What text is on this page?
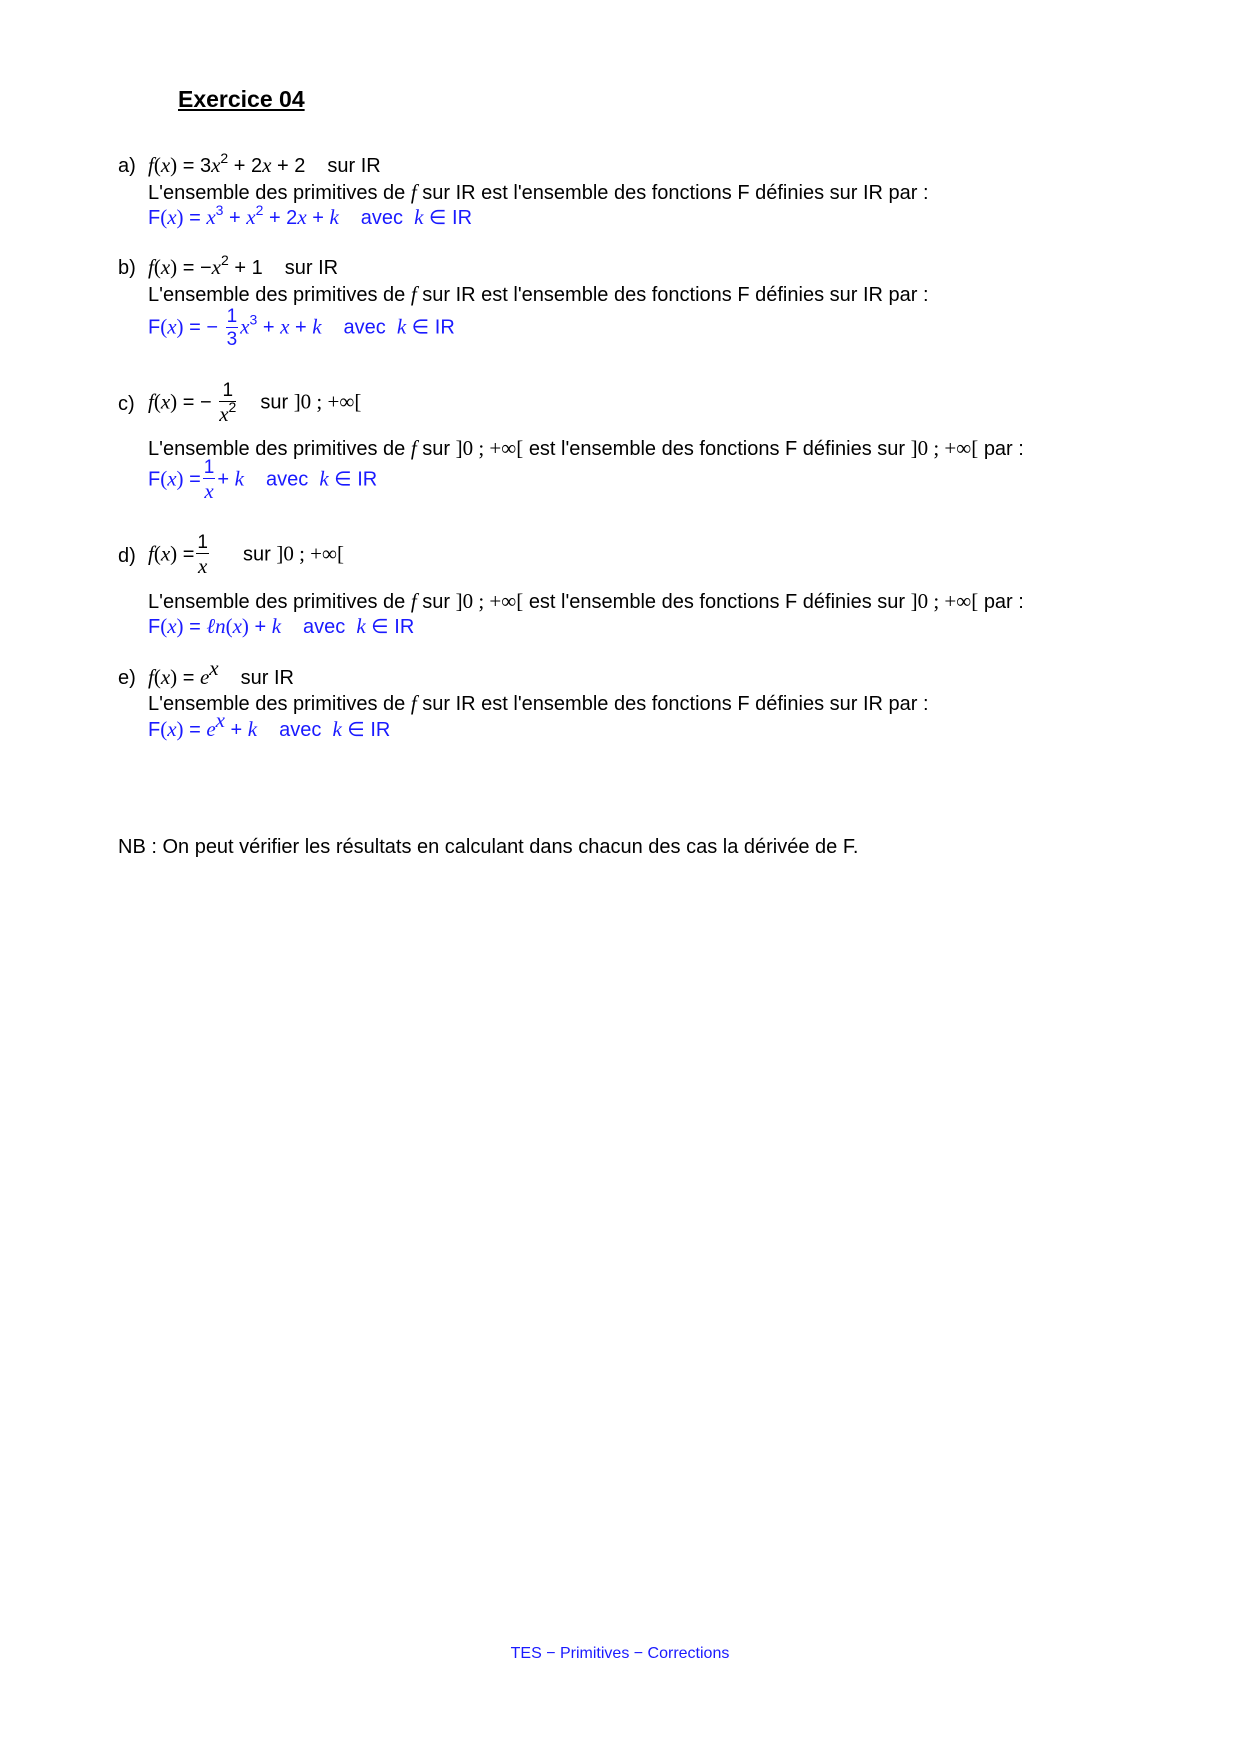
Exercice 04
a) $f(x) = 3x^2 + 2x + 2$ sur IR
L'ensemble des primitives de f sur IR est l'ensemble des fonctions F définies sur IR par :
$F(x) = x^3 + x^2 + 2x + k$ avec k ∈ IR
b) $f(x) = -x^2 + 1$ sur IR
L'ensemble des primitives de f sur IR est l'ensemble des fonctions F définies sur IR par :
F(x) = − $\frac{1}{3} x^3 + x + k$ avec k ∈ IR
c) f(x) = − $\frac{1}{x^2}$ sur ]0 ; +∞[
L'ensemble des primitives de f sur ]0 ; +∞[ est l'ensemble des fonctions F définies sur ]0 ; +∞[ par :
$F(x) = \frac{1}{x} + k$ avec k ∈ IR
d) $f(x) = \frac{1}{x}$ sur ]0 ; +∞[
L'ensemble des primitives de f sur ]0 ; +∞[ est l'ensemble des fonctions F définies sur ]0 ; +∞[ par :
F(x) = ℓn(x) + k avec k ∈ IR
e) $f(x) = e^x$ sur IR
L'ensemble des primitives de f sur IR est l'ensemble des fonctions F définies sur IR par :
$F(x) = e^x + k$ avec k ∈ IR
NB : On peut vérifier les résultats en calculant dans chacun des cas la dérivée de F.
TES − Primitives − Corrections
